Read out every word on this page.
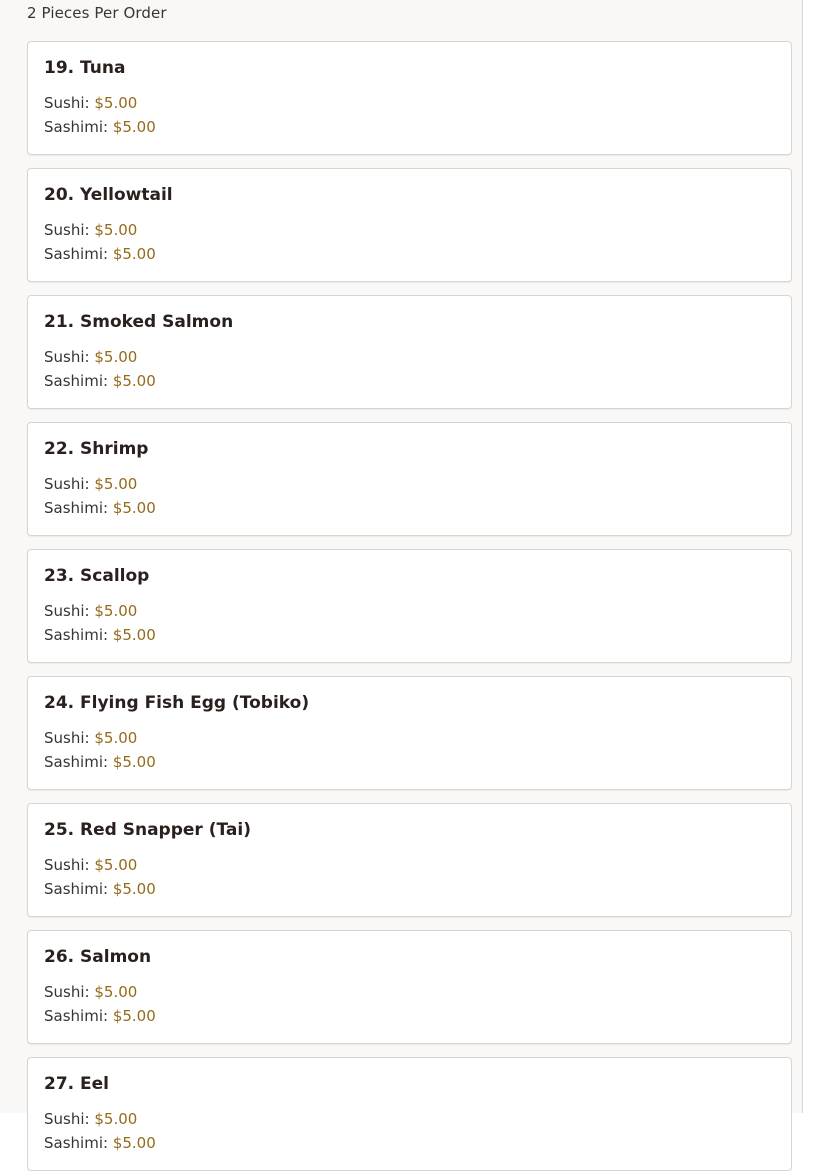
2 Pieces Per Order
19. Tuna
Sushi: $5.00
Sashimi: $5.00
20. Yellowtail
Sushi: $5.00
Sashimi: $5.00
21. Smoked Salmon
Sushi: $5.00
Sashimi: $5.00
22. Shrimp
Sushi: $5.00
Sashimi: $5.00
23. Scallop
Sushi: $5.00
Sashimi: $5.00
24. Flying Fish Egg (Tobiko)
Sushi: $5.00
Sashimi: $5.00
25. Red Snapper (Tai)
Sushi: $5.00
Sashimi: $5.00
26. Salmon
Sushi: $5.00
Sashimi: $5.00
27. Eel
Sushi: $5.00
Sashimi: $5.00
